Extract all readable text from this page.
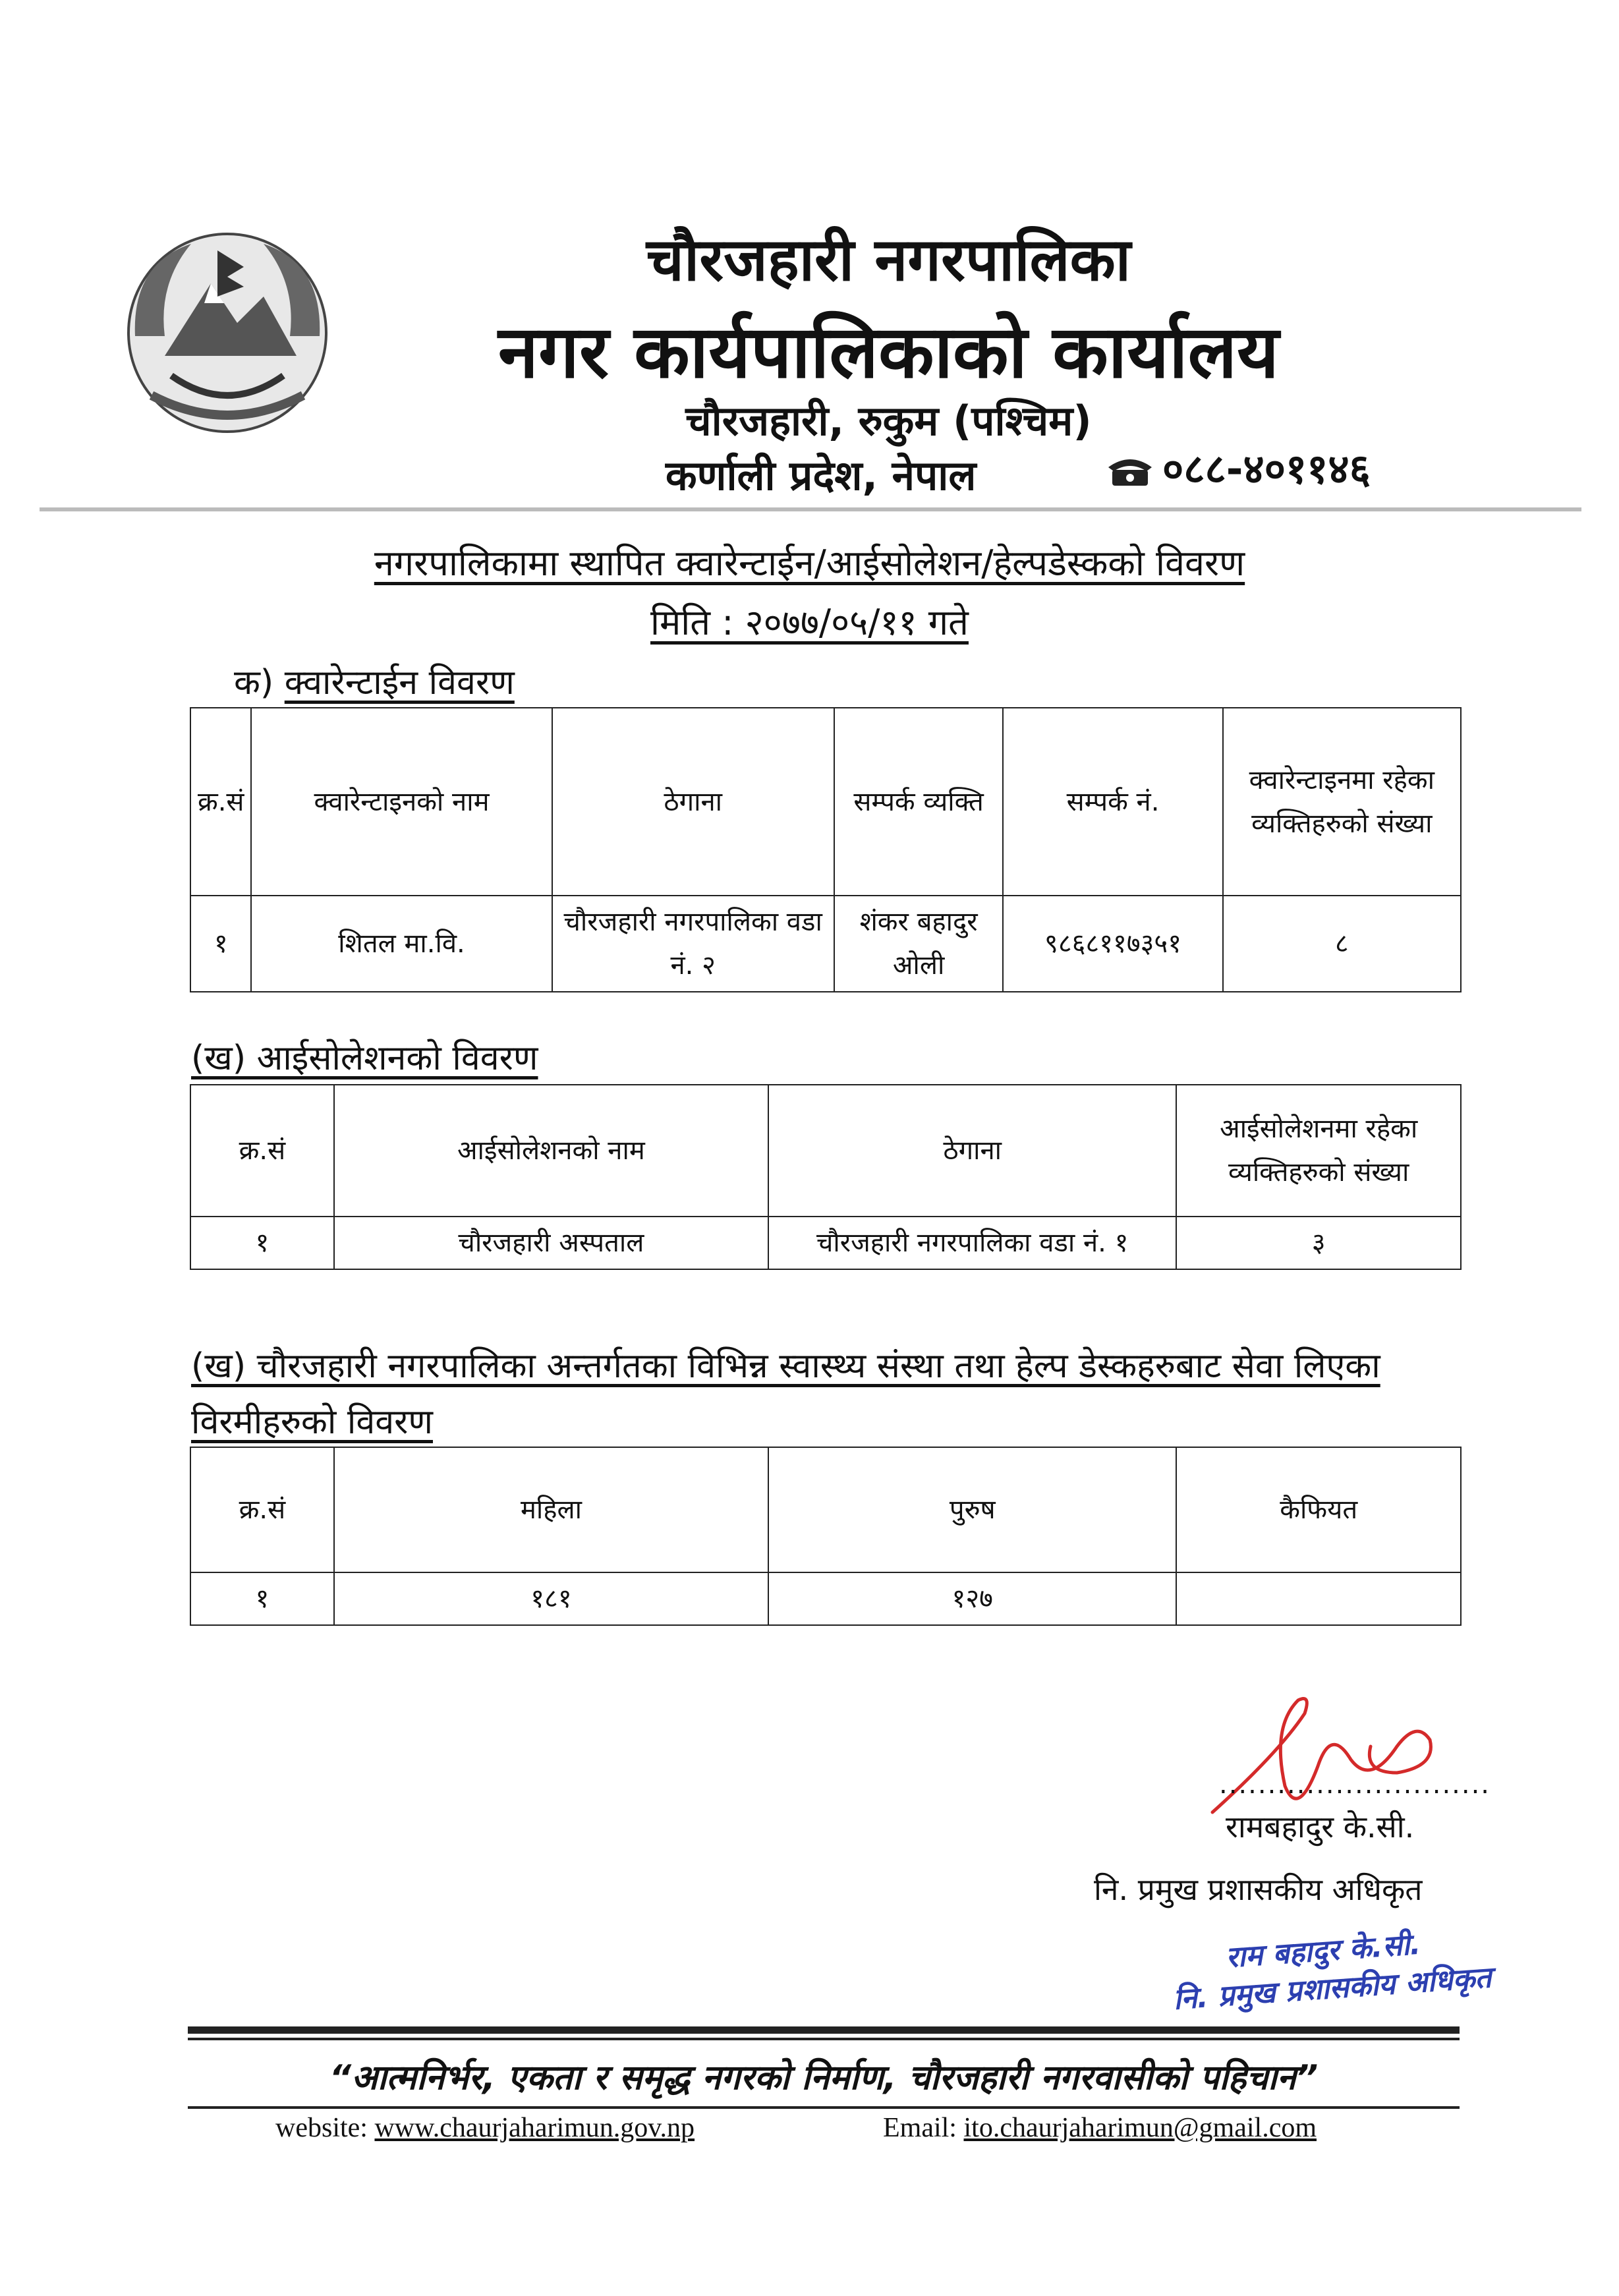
चौरजहारी नगरपालिका
नगर कार्यपालिकाको कार्यालय
चौरजहारी, रुकुम (पश्चिम)
कर्णाली प्रदेश, नेपाल	०८८-४०११४६
नगरपालिकामा स्थापित क्वारेन्टाईन/आईसोलेशन/हेल्पडेस्कको विवरण
मिति : २०७७/०५/११ गते
क) क्वारेन्टाईन विवरण
क्र.सं	क्वारेन्टाइनको नाम	ठेगाना	सम्पर्क व्यक्ति	सम्पर्क नं.	क्वारेन्टाइनमा रहेका व्यक्तिहरुको संख्या
१	शितल मा.वि.	चौरजहारी नगरपालिका वडा नं. २	शंकर बहादुर ओली	९८६८११७३५१	८
(ख) आईसोलेशनको विवरण
क्र.सं	आईसोलेशनको नाम	ठेगाना	आईसोलेशनमा रहेका व्यक्तिहरुको संख्या
१	चौरजहारी अस्पताल	चौरजहारी नगरपालिका वडा नं. १	३
(ख) चौरजहारी नगरपालिका अन्तर्गतका विभिन्न स्वास्थ्य संस्था तथा हेल्प डेस्कहरुबाट सेवा लिएका
विरमीहरुको विवरण
क्र.सं	महिला	पुरुष	कैफियत
१	१८१	१२७	
............................
रामबहादुर के.सी.
नि. प्रमुख प्रशासकीय अधिकृत
राम बहादुर के.सी.
नि. प्रमुख प्रशासकीय अधिकृत
“आत्मनिर्भर, एकता र समृद्ध नगरको निर्माण, चौरजहारी नगरवासीको पहिचान”
website: www.chaurjaharimun.gov.np	Email: ito.chaurjaharimun@gmail.com
